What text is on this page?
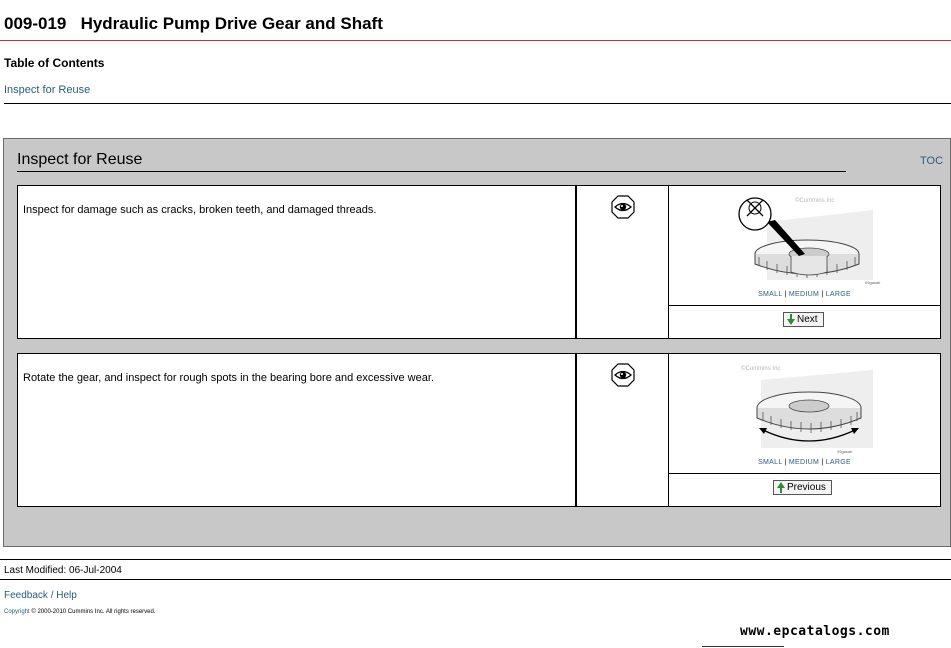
009-019 Hydraulic Pump Drive Gear and Shaft
Table of Contents
Inspect for Reuse
Inspect for Reuse	TOC
Inspect for damage such as cracks, broken teeth, and damaged threads.
©Cummins Inc
09gasab
SMALL | MEDIUM | LARGE
Next
Rotate the gear, and inspect for rough spots in the bearing bore and excessive wear.
©Cummins Inc
09gasab
SMALL | MEDIUM | LARGE
Previous
Last Modified: 06-Jul-2004
Feedback / Help
Copyright © 2000-2010 Cummins Inc. All rights reserved.
www.epcatalogs.com
